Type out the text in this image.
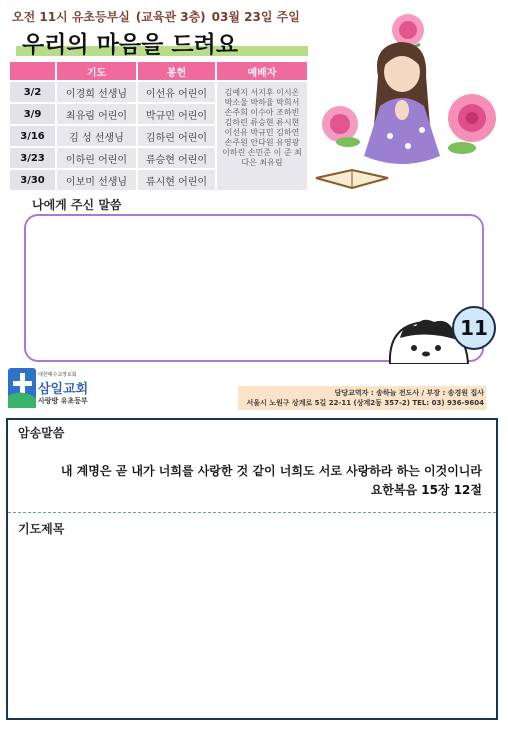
오전 11시 유초등부실 (교육관 3층) 03월 23일 주일
우리의 마음을 드려요
	기도	봉헌	예배자
3/2	이경희 선생님	이선유 어린이	김예지 서지후 이시온 박소울 박하율 박희서 손주희 이수아 조하빈 김하린 류승현 류시현 이선유 박규민 김하연 손주원 안다원 유영광 이하린 손민준 이 준 최다은 최유림
3/9	최유림 어린이	박규민 어린이	
3/16	김 성 선생님	김하린 어린이	
3/23	이하린 어린이	류승현 어린이	
3/30	이보미 선생님	류시현 어린이	
나에게 주신 말씀
11
대한예수교장로회
삼일교회
사랑방 유초등부
담당교역자 : 송하늘 전도사 / 부장 : 송경원 집사
서울시 노원구 상계로 5길 22-11 (상계2동 357-2) TEL: 03) 936-9604
암송말씀
내 계명은 곧 내가 너희를 사랑한 것 같이 너희도 서로 사랑하라 하는 이것이니라
요한복음 15장 12절
기도제목
